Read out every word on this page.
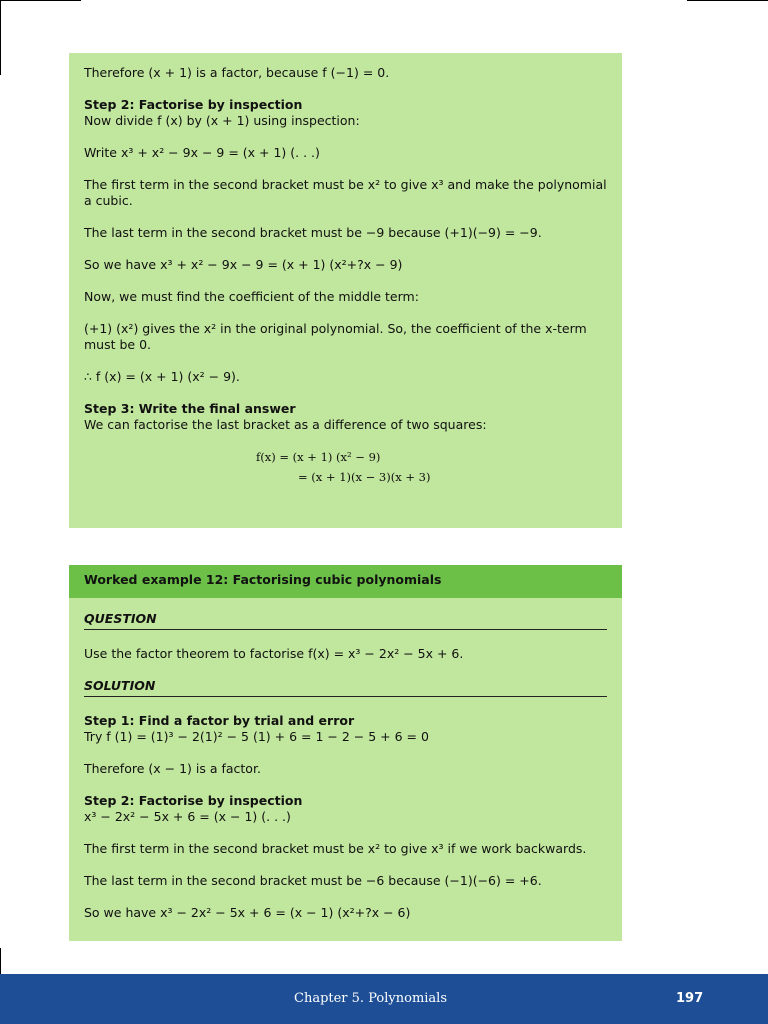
Therefore (x + 1) is a factor, because f (−1) = 0.

Step 2: Factorise by inspection

Now divide f (x) by (x + 1) using inspection:

Write x³ + x² − 9x − 9 = (x + 1) (. . .)

The first term in the second bracket must be x² to give x³ and make the polynomial a cubic.

The last term in the second bracket must be −9 because (+1)(−9) = −9.

So we have x³ + x² − 9x − 9 = (x + 1) (x²+?x − 9)

Now, we must find the coefficient of the middle term:

(+1) (x²) gives the x² in the original polynomial. So, the coefficient of the x-term must be 0.

∴ f (x) = (x + 1) (x² − 9).

Step 3: Write the final answer

We can factorise the last bracket as a difference of two squares:

f(x) = (x + 1) (x² − 9)
= (x + 1)(x − 3)(x + 3)
Worked example 12: Factorising cubic polynomials
QUESTION

Use the factor theorem to factorise f(x) = x³ − 2x² − 5x + 6.

SOLUTION

Step 1: Find a factor by trial and error

Try f (1) = (1)³ − 2(1)² − 5 (1) + 6 = 1 − 2 − 5 + 6 = 0

Therefore (x − 1) is a factor.

Step 2: Factorise by inspection

x³ − 2x² − 5x + 6 = (x − 1) (. . .)

The first term in the second bracket must be x² to give x³ if we work backwards.

The last term in the second bracket must be −6 because (−1)(−6) = +6.

So we have x³ − 2x² − 5x + 6 = (x − 1) (x²+?x − 6)

Chapter 5. Polynomials	197
